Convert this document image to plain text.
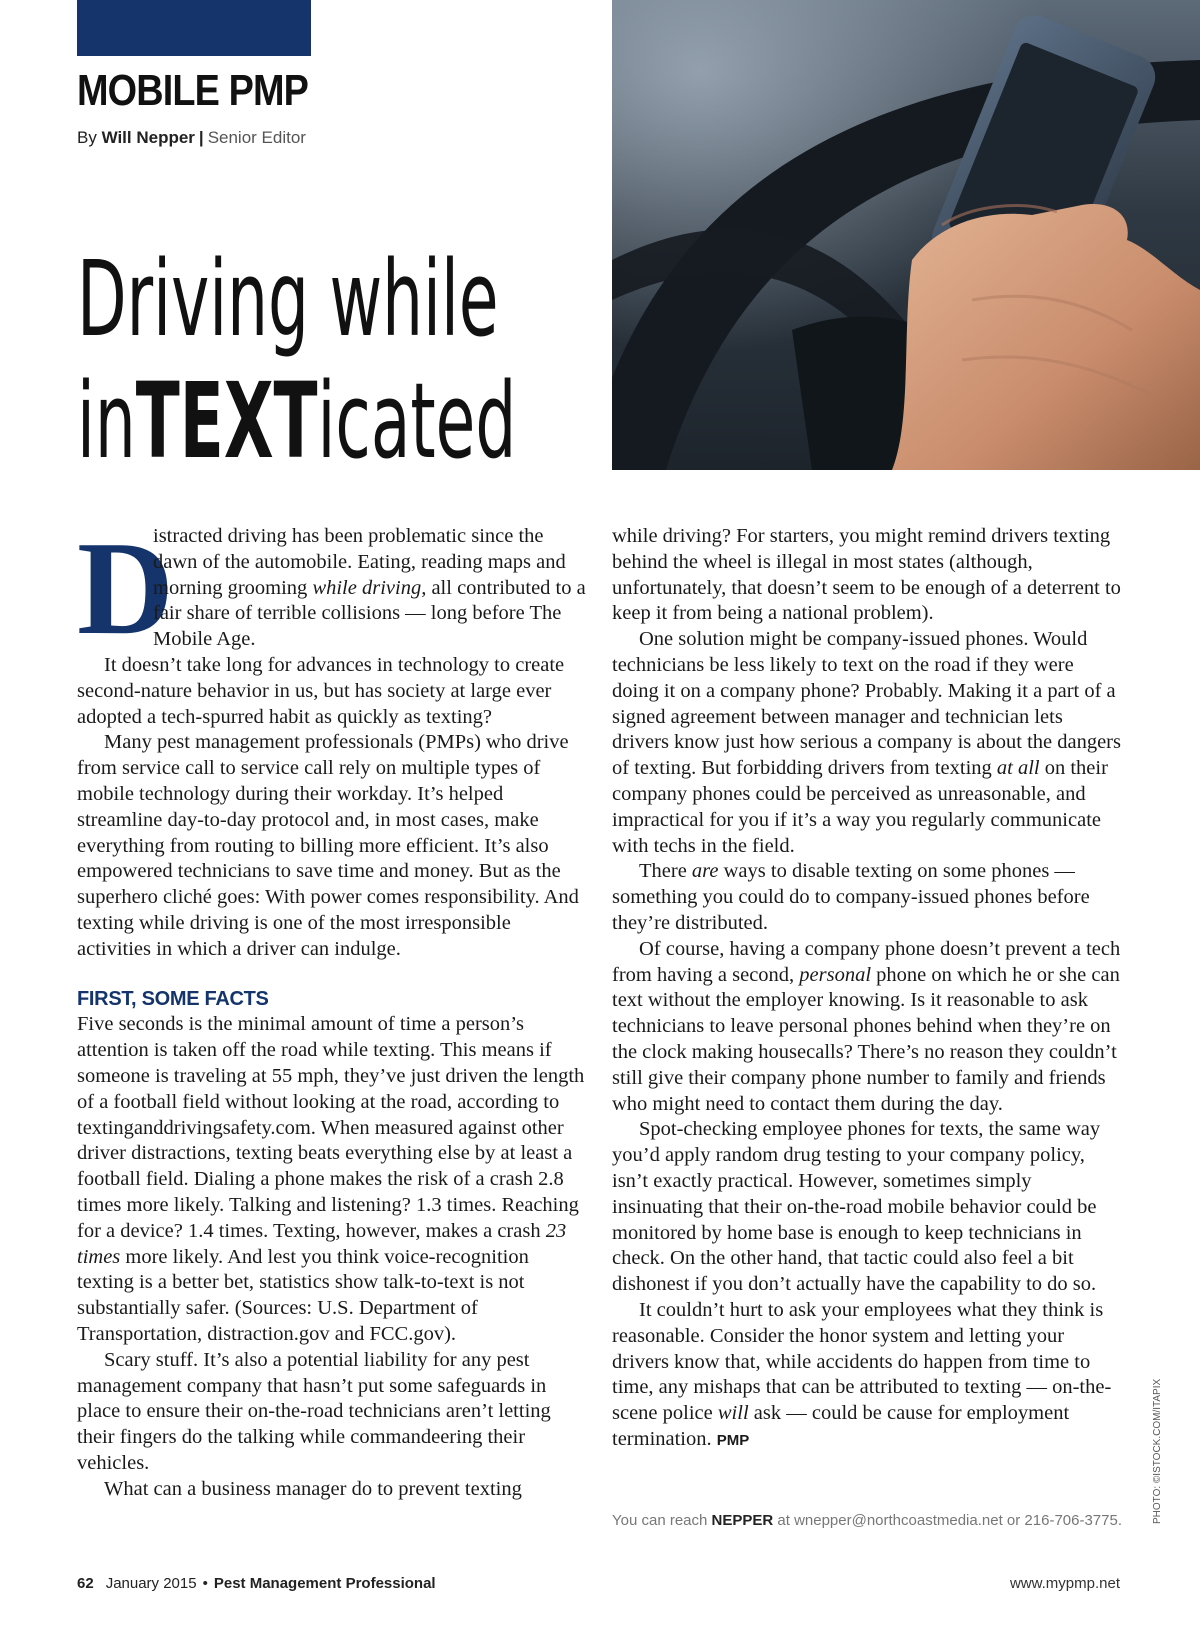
MOBILE PMP
By Will Nepper | Senior Editor
Driving while
inTEXTicated

D
istracted driving has been problematic since the dawn of the automobile. Eating, reading maps and morning grooming while driving, all contributed to a fair share of terrible collisions — long before The Mobile Age.

It doesn’t take long for advances in technology to create second-nature behavior in us, but has society at large ever adopted a tech-spurred habit as quickly as texting?

Many pest management professionals (PMPs) who drive from service call to service call rely on multiple types of mobile technology during their workday. It’s helped streamline day-to-day protocol and, in most cases, make everything from routing to billing more efficient. It’s also empowered technicians to save time and money. But as the superhero cliché goes: With power comes responsibility. And texting while driving is one of the most irresponsible activities in which a driver can indulge.

FIRST, SOME FACTS

Five seconds is the minimal amount of time a person’s attention is taken off the road while texting. This means if someone is traveling at 55 mph, they’ve just driven the length of a football field without looking at the road, according to textinganddrivingsafety.com. When measured against other driver distractions, texting beats everything else by at least a football field. Dialing a phone makes the risk of a crash 2.8 times more likely. Talking and listening? 1.3 times. Reaching for a device? 1.4 times. Texting, however, makes a crash 23 times more likely. And lest you think voice-recognition texting is a better bet, statistics show talk-to-text is not substantially safer. (Sources: U.S. Department of Transportation, distraction.gov and FCC.gov).

Scary stuff. It’s also a potential liability for any pest management company that hasn’t put some safeguards in place to ensure their on-the-road technicians aren’t letting their fingers do the talking while commandeering their vehicles.

What can a business manager do to prevent texting

while driving? For starters, you might remind drivers texting behind the wheel is illegal in most states (although, unfortunately, that doesn’t seem to be enough of a deterrent to keep it from being a national problem).

One solution might be company-issued phones. Would technicians be less likely to text on the road if they were doing it on a company phone? Probably. Making it a part of a signed agreement between manager and technician lets drivers know just how serious a company is about the dangers of texting. But forbidding drivers from texting at all on their company phones could be perceived as unreasonable, and impractical for you if it’s a way you regularly communicate with techs in the field.

There are ways to disable texting on some phones — something you could do to company-issued phones before they’re distributed.

Of course, having a company phone doesn’t prevent a tech from having a second, personal phone on which he or she can text without the employer knowing. Is it reasonable to ask technicians to leave personal phones behind when they’re on the clock making housecalls? There’s no reason they couldn’t still give their company phone number to family and friends who might need to contact them during the day.

Spot-checking employee phones for texts, the same way you’d apply random drug testing to your company policy, isn’t exactly practical. However, sometimes simply insinuating that their on-the-road mobile behavior could be monitored by home base is enough to keep technicians in check. On the other hand, that tactic could also feel a bit dishonest if you don’t actually have the capability to do so.

It couldn’t hurt to ask your employees what they think is reasonable. Consider the honor system and letting your drivers know that, while accidents do happen from time to time, any mishaps that can be attributed to texting — on-the-scene police will ask — could be cause for employment termination. PMP

You can reach NEPPER at wnepper@northcoastmedia.net or 216-706-3775.	PHOTO: ©ISTOCK.COM/ITAPIX
62 January 2015 • Pest Management Professional	www.mypmp.net
